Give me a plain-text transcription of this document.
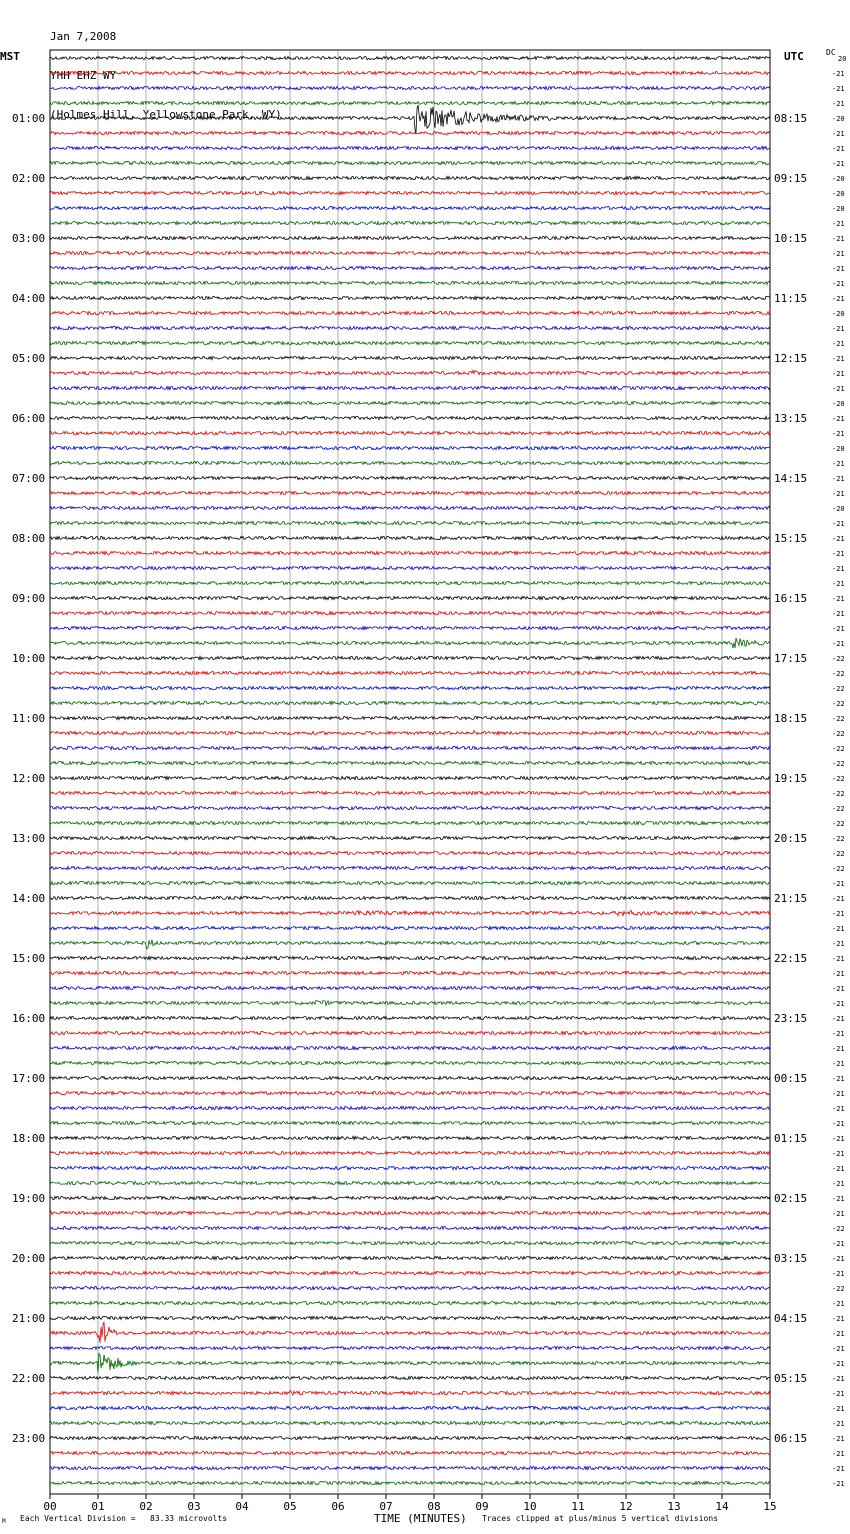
Jan 7,2008

YHH EHZ WY

(Holmes Hill, Yellowstone Park, WY)

MST	UTC	DC
01:00
02:00
03:00
04:00
05:00
06:00
07:00
08:00
09:00
10:00
11:00
12:00
13:00
14:00
15:00
16:00
17:00
18:00
19:00
20:00
21:00
22:00
23:00
08:15
09:15
10:15
11:15
12:15
13:15
14:15
15:15
16:15
17:15
18:15
19:15
20:15
21:15
22:15
23:15
00:15
01:15
02:15
03:15
04:15
05:15
06:15
20
-21
-21
-21
-20
-21
-21
-21
-20
-20
-20
-21
-21
-21
-21
-21
-21
-20
-21
-21
-21
-21
-21
-20
-21
-21
-20
-21
-21
-21
-20
-21
-21
-21
-21
-21
-21
-21
-21
-21
-22
-22
-22
-22
-22
-22
-22
-22
-22
-22
-22
-22
-22
-22
-22
-21
-21
-21
-21
-21
-21
-21
-21
-21
-21
-21
-21
-21
-21
-21
-21
-21
-21
-21
-21
-21
-21
-21
-22
-21
-21
-21
-22
-21
-21
-21
-21
-21
-21
-21
-21
-21
-21
-21
-21
-21
00	01	02	03	04	05	06	07	08	09	10	11	12	13	14	15
M Each Vertical Division =   83.33 microvolts	TIME (MINUTES) Traces clipped at plus/minus 5 vertical divisions
